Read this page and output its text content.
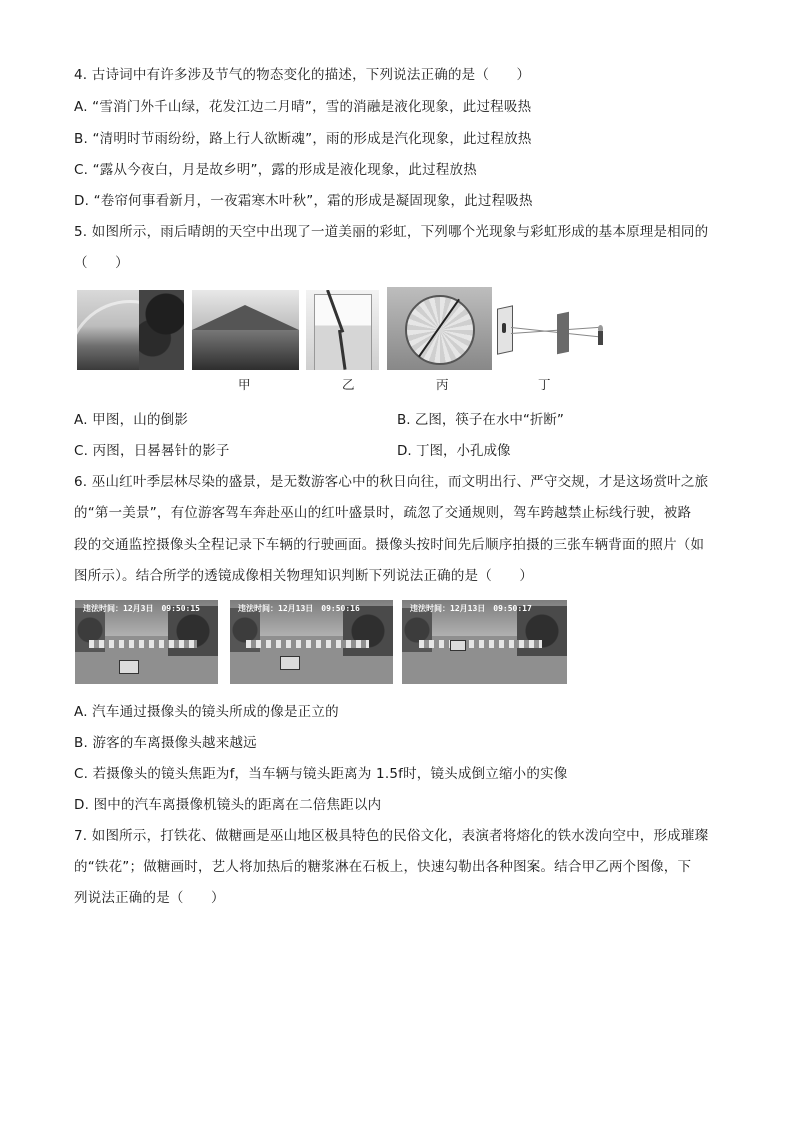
4. 古诗词中有许多涉及节气的物态变化的描述，下列说法正确的是（　　）
A. “雪消门外千山绿，花发江边二月晴”，雪的消融是液化现象，此过程吸热
B. “清明时节雨纷纷，路上行人欲断魂”，雨的形成是汽化现象，此过程放热
C. “露从今夜白，月是故乡明”，露的形成是液化现象，此过程放热
D. “卷帘何事看新月，一夜霜寒木叶秋”，霜的形成是凝固现象，此过程吸热
5. 如图所示，雨后晴朗的天空中出现了一道美丽的彩虹，下列哪个光现象与彩虹形成的基本原理是相同的
（　　）
甲	乙	丙	丁
A. 甲图，山的倒影	B. 乙图，筷子在水中“折断”
C. 丙图，日晷晷针的影子	D. 丁图，小孔成像
6. 巫山红叶季层林尽染的盛景，是无数游客心中的秋日向往，而文明出行、严守交规，才是这场赏叶之旅
的“第一美景”，有位游客驾车奔赴巫山的红叶盛景时，疏忽了交通规则，驾车跨越禁止标线行驶，被路
段的交通监控摄像头全程记录下车辆的行驶画面。摄像头按时间先后顺序拍摄的三张车辆背面的照片（如
图所示）。结合所学的透镜成像相关物理知识判断下列说法正确的是（　　）
违法时间：12月3日　09:50:15	违法时间：12月13日　09:50:16	违法时间：12月13日　09:50:17
A. 汽车通过摄像头的镜头所成的像是正立的
B. 游客的车离摄像头越来越远
C. 若摄像头的镜头焦距为f，当车辆与镜头距离为 1.5f时，镜头成倒立缩小的实像
D. 图中的汽车离摄像机镜头的距离在二倍焦距以内
7. 如图所示，打铁花、做糖画是巫山地区极具特色的民俗文化，表演者将熔化的铁水泼向空中，形成璀璨
的“铁花”；做糖画时，艺人将加热后的糖浆淋在石板上，快速勾勒出各种图案。结合甲乙两个图像，下
列说法正确的是（　　）
